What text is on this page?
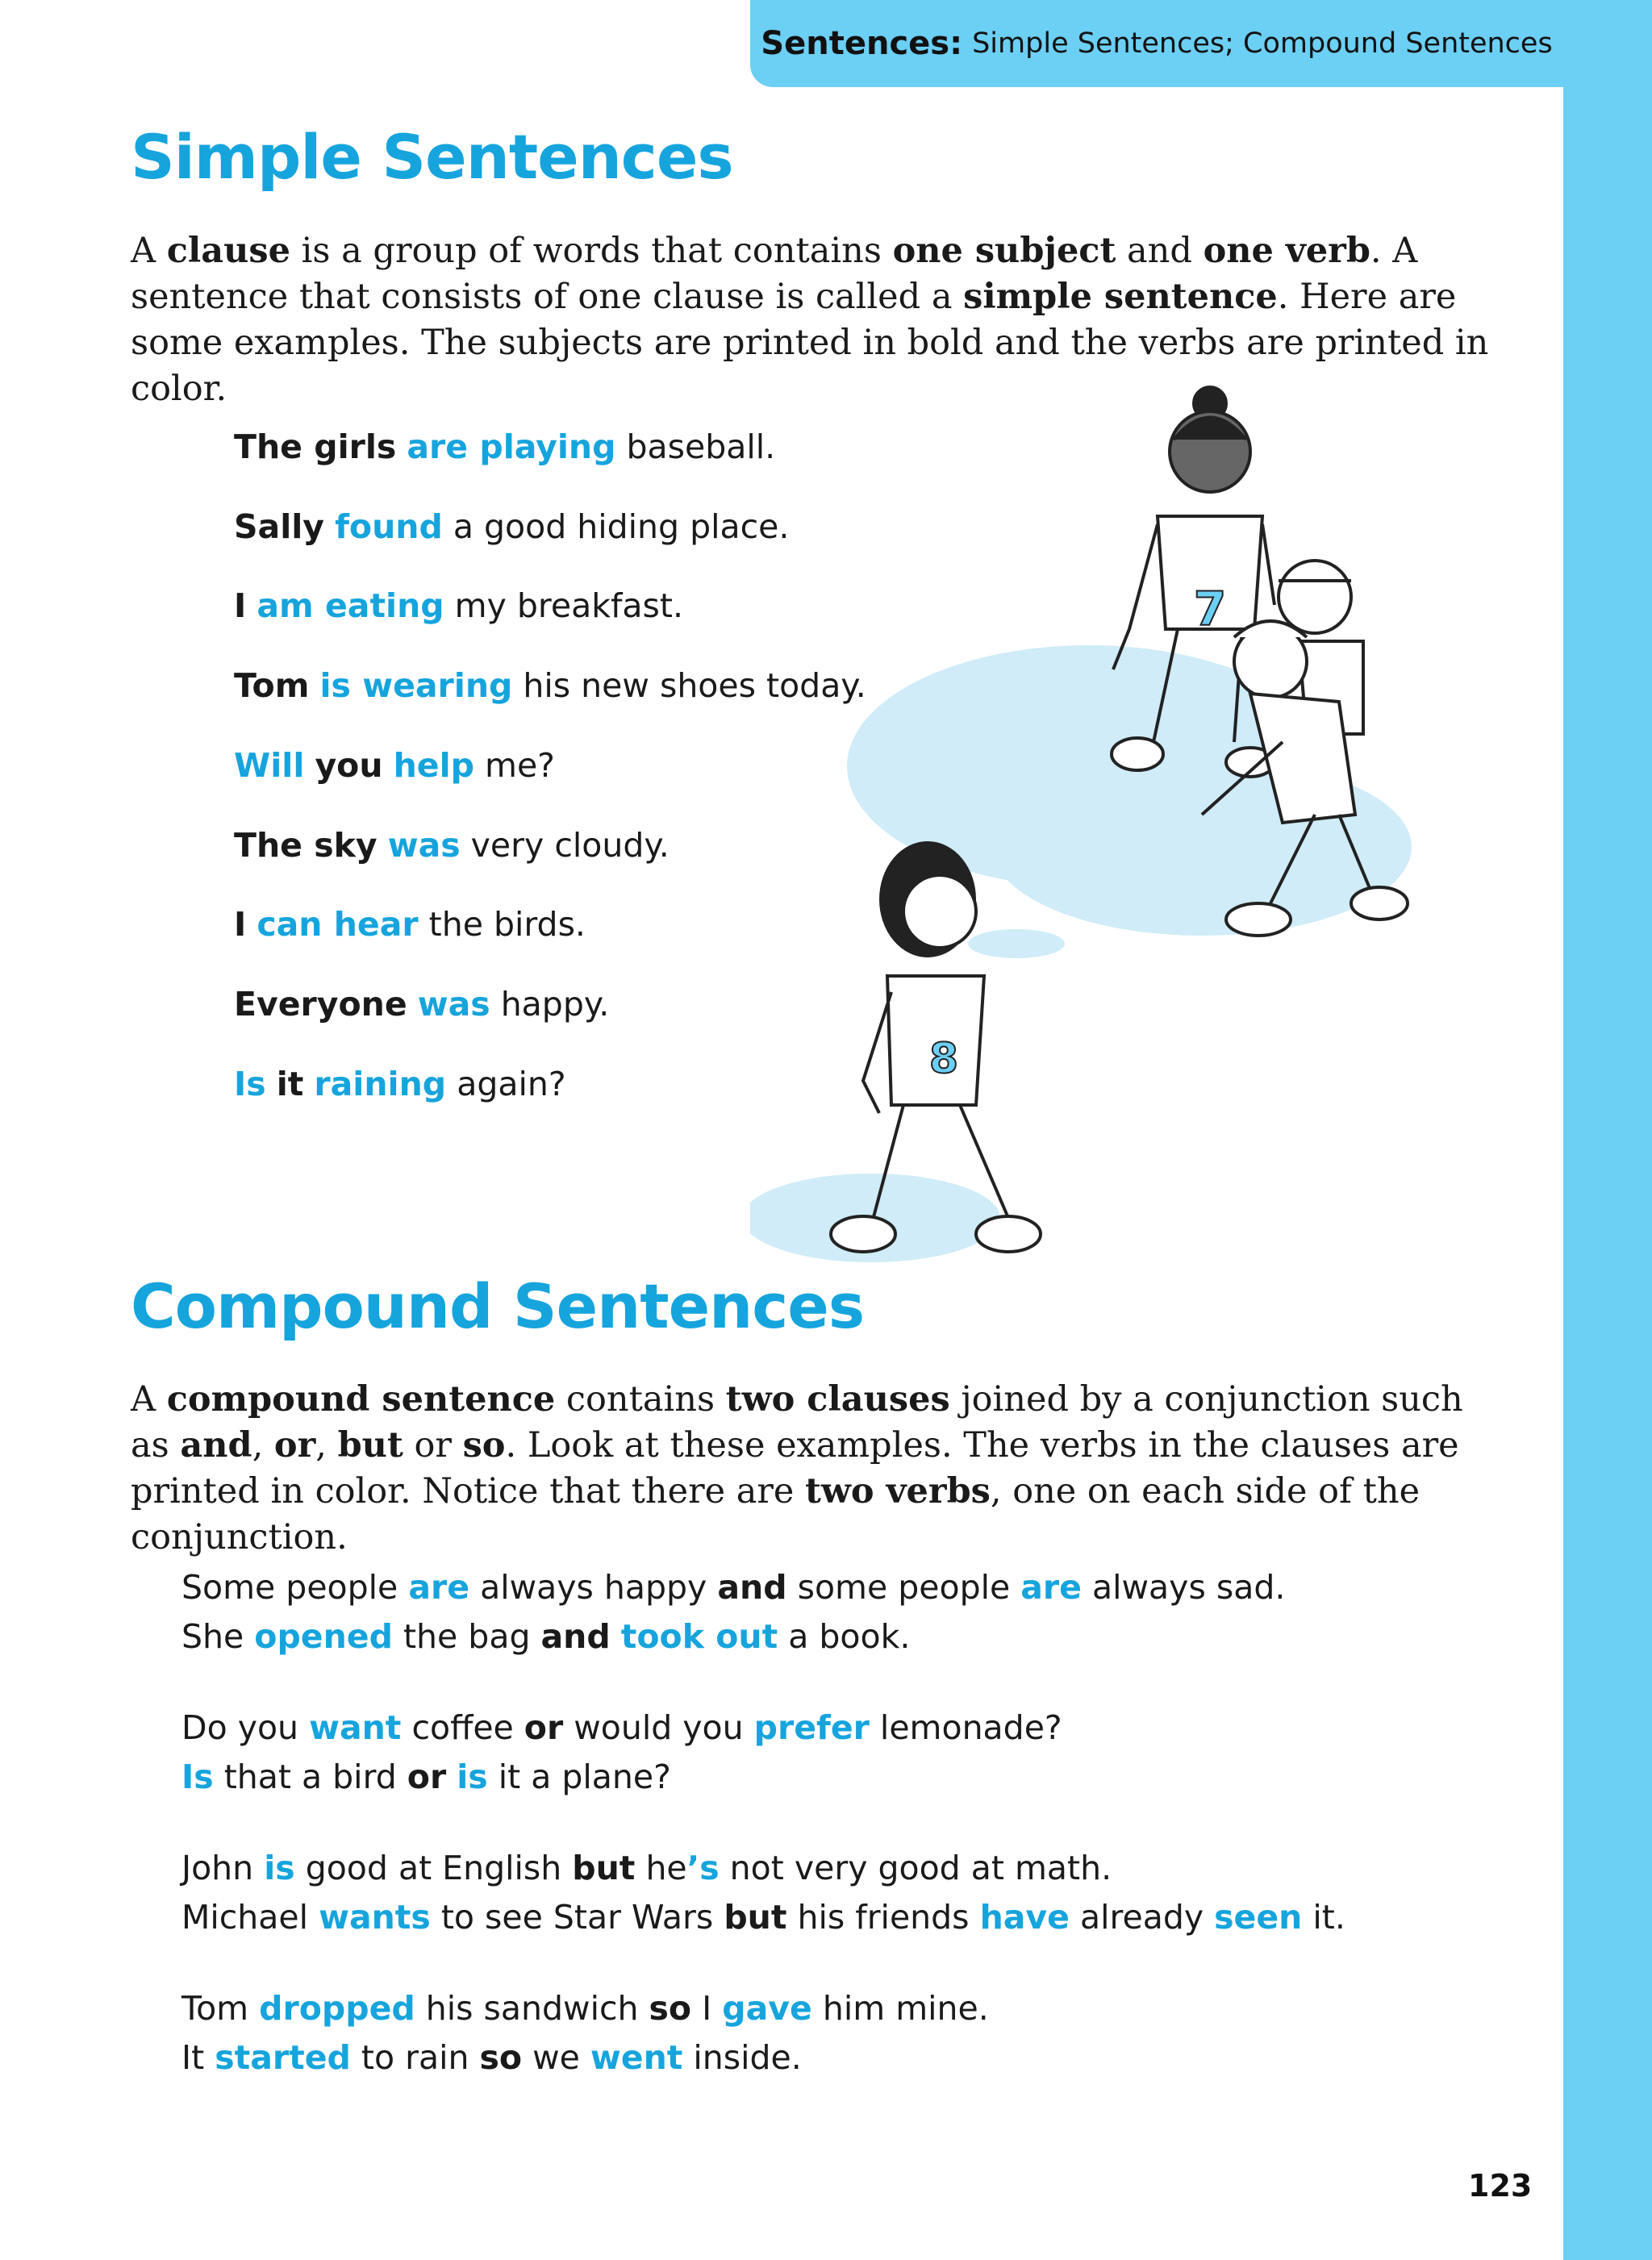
Sentences: Simple Sentences; Compound Sentences
Simple Sentences

A clause is a group of words that contains one subject and one verb. A sentence that consists of one clause is called a simple sentence. Here are some examples. The subjects are printed in bold and the verbs are printed in color.

The girls are playing baseball.

Sally found a good hiding place.

I am eating my breakfast.

Tom is wearing his new shoes today.

Will you help me?

The sky was very cloudy.

I can hear the birds.

Everyone was happy.

Is it raining again?

7
8
Compound Sentences

A compound sentence contains two clauses joined by a conjunction such as and, or, but or so. Look at these examples. The verbs in the clauses are printed in color. Notice that there are two verbs, one on each side of the conjunction.

Some people are always happy and some people are always sad.

She opened the bag and took out a book.

Do you want coffee or would you prefer lemonade?

Is that a bird or is it a plane?

John is good at English but he’s not very good at math.

Michael wants to see Star Wars but his friends have already seen it.

Tom dropped his sandwich so I gave him mine.

It started to rain so we went inside.

123
